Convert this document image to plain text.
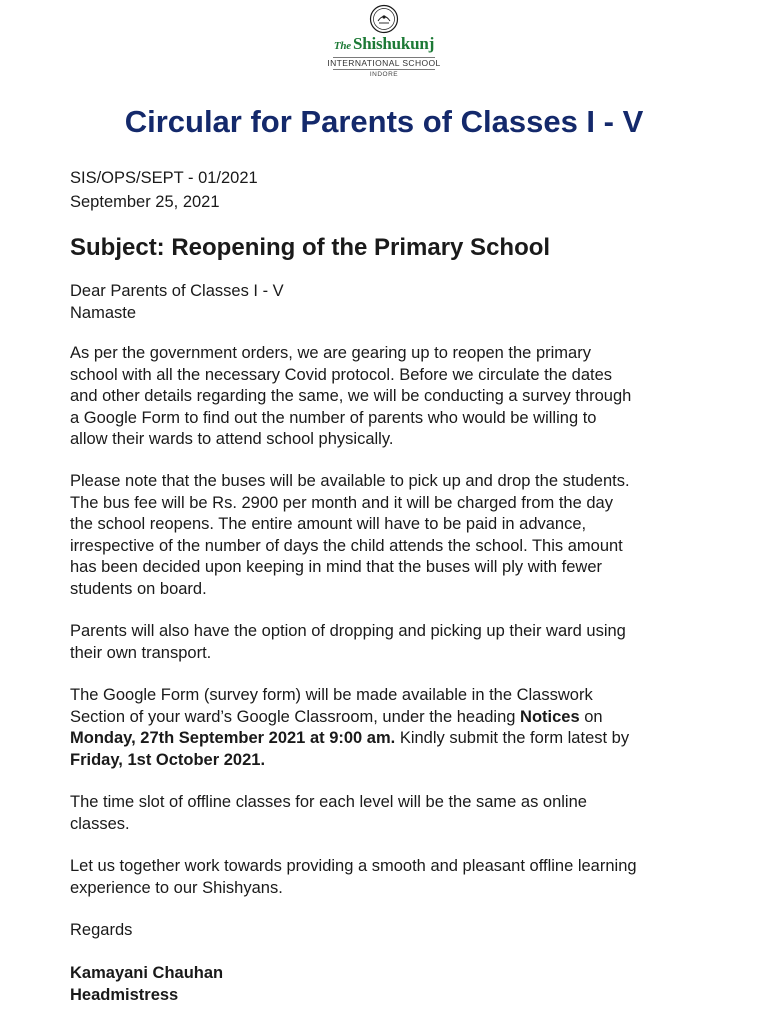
The Shishukunj
INTERNATIONAL SCHOOL
INDORE
Circular for Parents of Classes I - V
SIS/OPS/SEPT - 01/2021
September 25, 2021
Subject: Reopening of the Primary School
Dear Parents of Classes I - V
Namaste

As per the government orders, we are gearing up to reopen the primary
school with all the necessary Covid protocol. Before we circulate the dates
and other details regarding the same, we will be conducting a survey through
a Google Form to find out the number of parents who would be willing to
allow their wards to attend school physically.

Please note that the buses will be available to pick up and drop the students.
The bus fee will be Rs. 2900 per month and it will be charged from the day
the school reopens. The entire amount will have to be paid in advance,
irrespective of the number of days the child attends the school. This amount
has been decided upon keeping in mind that the buses will ply with fewer
students on board.

Parents will also have the option of dropping and picking up their ward using
their own transport.

The Google Form (survey form) will be made available in the Classwork
Section of your ward’s Google Classroom, under the heading Notices on
Monday, 27th September 2021 at 9:00 am. Kindly submit the form latest by
Friday, 1st October 2021.

The time slot of offline classes for each level will be the same as online
classes.

Let us together work towards providing a smooth and pleasant offline learning
experience to our Shishyans.

Regards

Kamayani Chauhan
Headmistress
